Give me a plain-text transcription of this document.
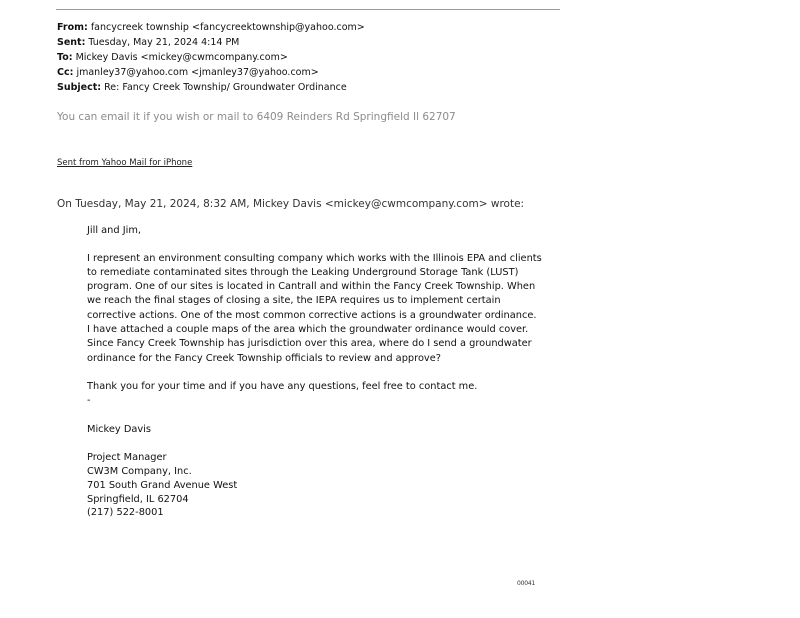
From: fancycreek township <fancycreektownship@yahoo.com>
Sent: Tuesday, May 21, 2024 4:14 PM
To: Mickey Davis <mickey@cwmcompany.com>
Cc: jmanley37@yahoo.com <jmanley37@yahoo.com>
Subject: Re: Fancy Creek Township/ Groundwater Ordinance
You can email it if you wish or mail to 6409 Reinders Rd Springfield Il 62707
Sent from Yahoo Mail for iPhone
On Tuesday, May 21, 2024, 8:32 AM, Mickey Davis <mickey@cwmcompany.com> wrote:
Jill and Jim,
I represent an environment consulting company which works with the Illinois EPA and clients
to remediate contaminated sites through the Leaking Underground Storage Tank (LUST)
program. One of our sites is located in Cantrall and within the Fancy Creek Township. When
we reach the final stages of closing a site, the IEPA requires us to implement certain
corrective actions. One of the most common corrective actions is a groundwater ordinance.
I have attached a couple maps of the area which the groundwater ordinance would cover.
Since Fancy Creek Township has jurisdiction over this area, where do I send a groundwater
ordinance for the Fancy Creek Township officials to review and approve?
Thank you for your time and if you have any questions, feel free to contact me.
-
Mickey Davis
Project Manager
CW3M Company, Inc.
701 South Grand Avenue West
Springfield, IL 62704
(217) 522-8001
00041
